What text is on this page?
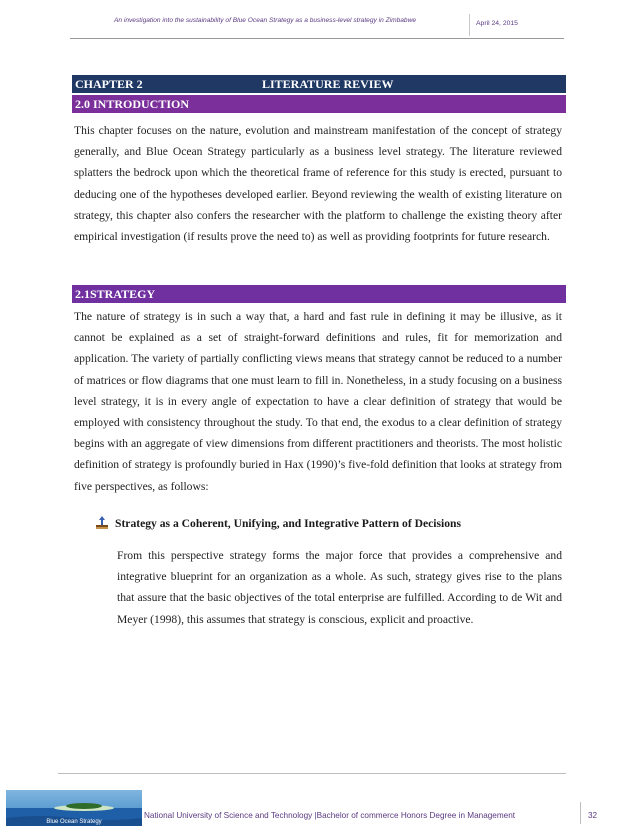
An investigation into the sustainability of Blue Ocean Strategy as a business-level strategy in Zimbabwe	April 24, 2015
CHAPTER 2	LITERATURE REVIEW
2.0 INTRODUCTION

This chapter focuses on the nature, evolution and mainstream manifestation of the concept of strategy generally, and Blue Ocean Strategy particularly as a business level strategy. The literature reviewed splatters the bedrock upon which the theoretical frame of reference for this study is erected, pursuant to deducing one of the hypotheses developed earlier. Beyond reviewing the wealth of existing literature on strategy, this chapter also confers the researcher with the platform to challenge the existing theory after empirical investigation (if results prove the need to) as well as providing footprints for future research.

2.1STRATEGY

The nature of strategy is in such a way that, a hard and fast rule in defining it may be illusive, as it cannot be explained as a set of straight-forward definitions and rules, fit for memorization and application. The variety of partially conflicting views means that strategy cannot be reduced to a number of matrices or flow diagrams that one must learn to fill in. Nonetheless, in a study focusing on a business level strategy, it is in every angle of expectation to have a clear definition of strategy that would be employed with consistency throughout the study. To that end, the exodus to a clear definition of strategy begins with an aggregate of view dimensions from different practitioners and theorists. The most holistic definition of strategy is profoundly buried in Hax (1990)’s five-fold definition that looks at strategy from five perspectives, as follows:

Strategy as a Coherent, Unifying, and Integrative Pattern of Decisions

From this perspective strategy forms the major force that provides a comprehensive and integrative blueprint for an organization as a whole. As such, strategy gives rise to the plans that assure that the basic objectives of the total enterprise are fulfilled. According to de Wit and Meyer (1998), this assumes that strategy is conscious, explicit and proactive.

Blue Ocean Strategy
National University of Science and Technology |Bachelor of commerce Honors Degree in Management	32
